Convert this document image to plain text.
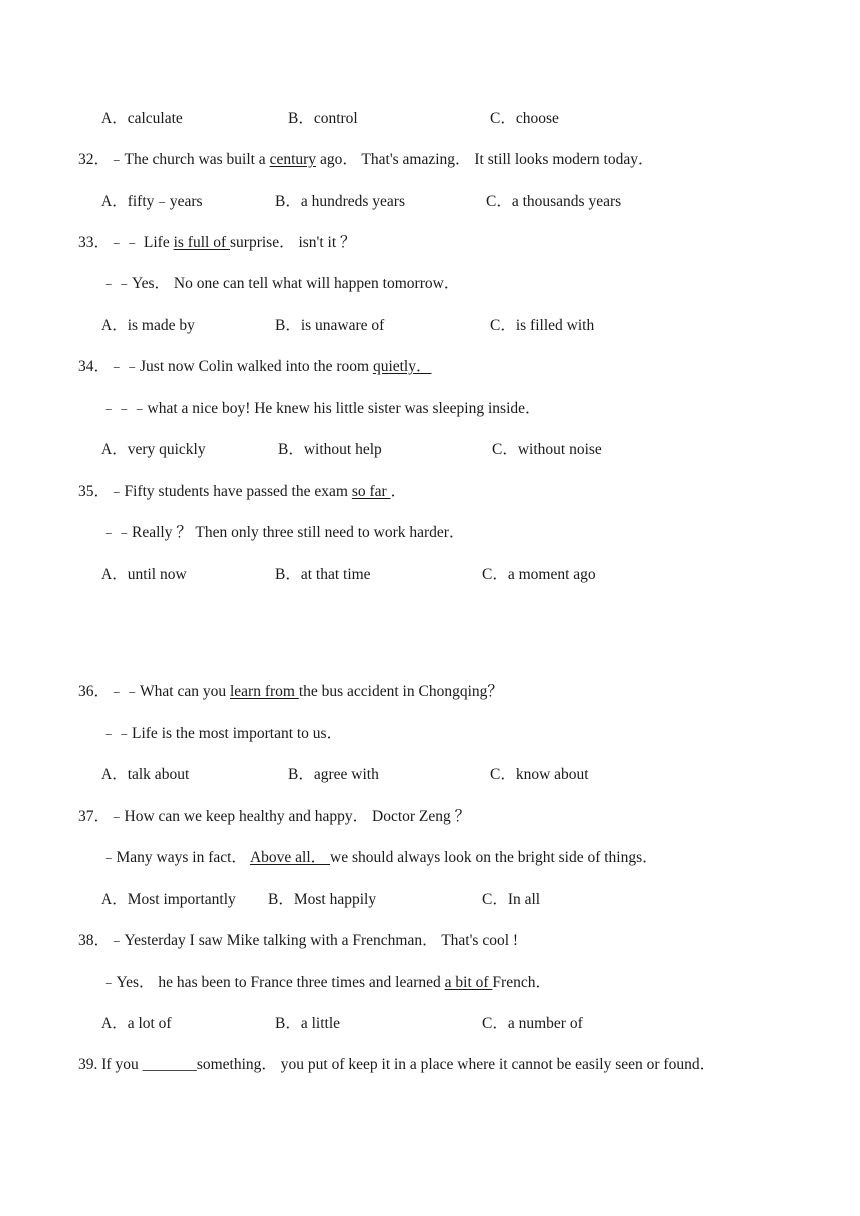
A．calculate	B．control	C．choose
32．﹣The church was built a century ago． That's amazing． It still looks modern today．
A．fifty﹣years	B．a hundreds years	C．a thousands years
33．﹣﹣ Life is full of surprise． isn't it ？
﹣﹣Yes． No one can tell what will happen tomorrow．
A．is made by	B．is unaware of	C．is filled with
34．﹣﹣Just now Colin walked into the room quietly．
﹣﹣﹣what a nice boy! He knew his little sister was sleeping inside．
A．very quickly	B．without help	C．without noise
35．﹣Fifty students have passed the exam so far ．
﹣﹣Really ？ Then only three still need to work harder．
A．until now	B．at that time	C．a moment ago
36．﹣﹣What can you learn from the bus accident in Chongqing？
﹣﹣Life is the most important to us．
A．talk about	B．agree with	C．know about
37．﹣How can we keep healthy and happy． Doctor Zeng ？
﹣Many ways in fact． Above all． we should always look on the bright side of things．
A．Most importantly B．Most happily	C．In all
38．﹣Yesterday I saw Mike talking with a Frenchman． That's cool !
﹣Yes． he has been to France three times and learned a bit of French．
A．a lot of	B．a little	C．a number of
39. If you _______something． you put of keep it in a place where it cannot be easily seen or found．
